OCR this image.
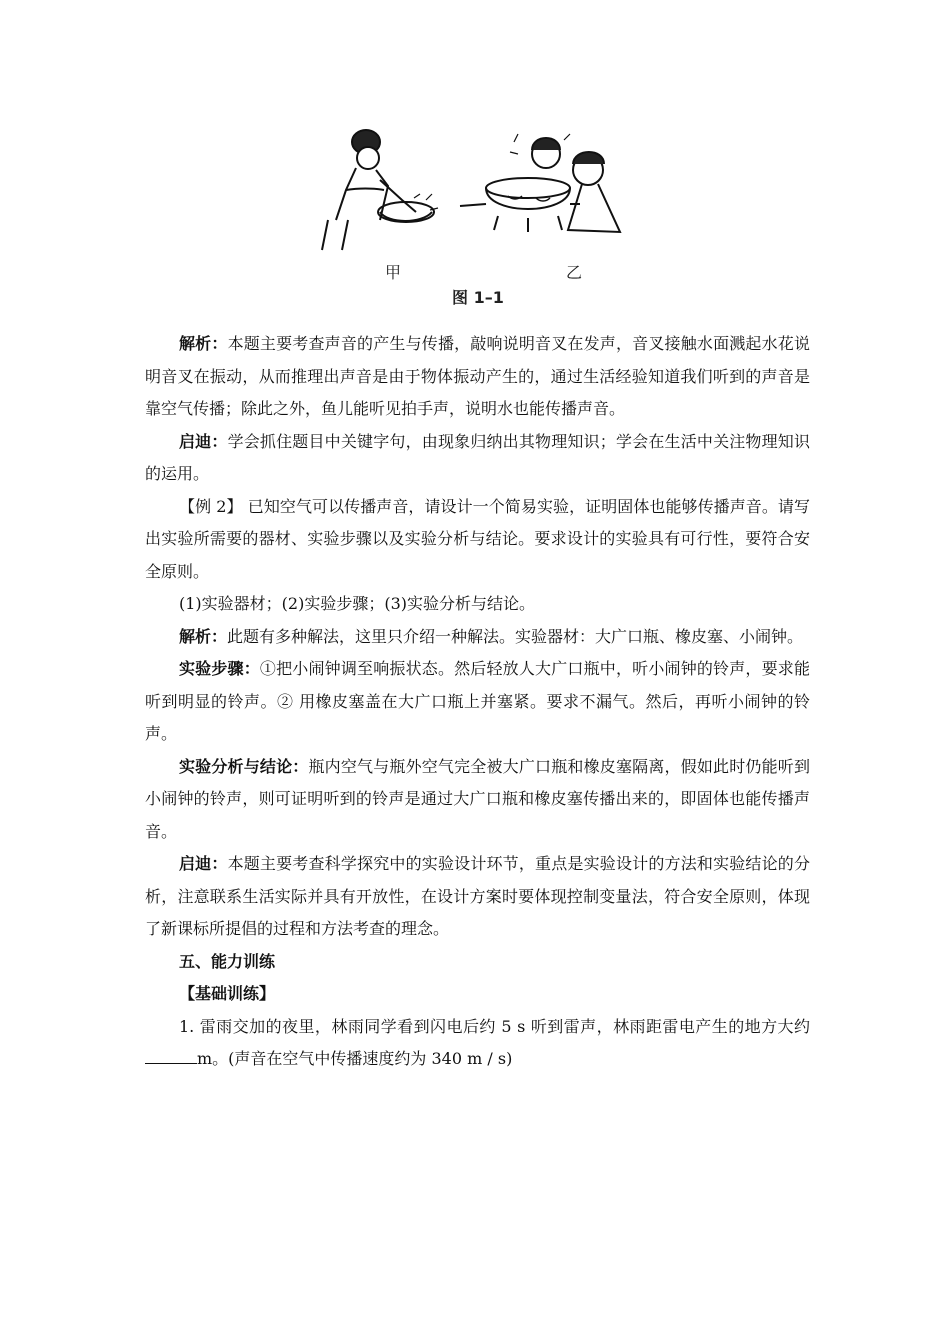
甲	乙
图 1–1

解析：本题主要考查声音的产生与传播，敲响说明音叉在发声，音叉接触水面溅起水花说明音叉在振动，从而推理出声音是由于物体振动产生的，通过生活经验知道我们听到的声音是靠空气传播；除此之外，鱼儿能听见拍手声，说明水也能传播声音。

启迪：学会抓住题目中关键字句，由现象归纳出其物理知识；学会在生活中关注物理知识的运用。

【例 2】 已知空气可以传播声音，请设计一个简易实验，证明固体也能够传播声音。请写出实验所需要的器材、实验步骤以及实验分析与结论。要求设计的实验具有可行性，要符合安全原则。

(1)实验器材；(2)实验步骤；(3)实验分析与结论。

解析：此题有多种解法，这里只介绍一种解法。实验器材：大广口瓶、橡皮塞、小闹钟。

实验步骤：①把小闹钟调至响振状态。然后轻放人大广口瓶中，听小闹钟的铃声，要求能听到明显的铃声。② 用橡皮塞盖在大广口瓶上并塞紧。要求不漏气。然后，再听小闹钟的铃声。

实验分析与结论：瓶内空气与瓶外空气完全被大广口瓶和橡皮塞隔离，假如此时仍能听到小闹钟的铃声，则可证明听到的铃声是通过大广口瓶和橡皮塞传播出来的，即固体也能传播声音。

启迪：本题主要考查科学探究中的实验设计环节，重点是实验设计的方法和实验结论的分析，注意联系生活实际并具有开放性，在设计方案时要体现控制变量法，符合安全原则，体现了新课标所提倡的过程和方法考查的理念。

五、能力训练

【基础训练】

1. 雷雨交加的夜里，林雨同学看到闪电后约 5 s 听到雷声，林雨距雷电产生的地方大约m。(声音在空气中传播速度约为 340 m / s)
